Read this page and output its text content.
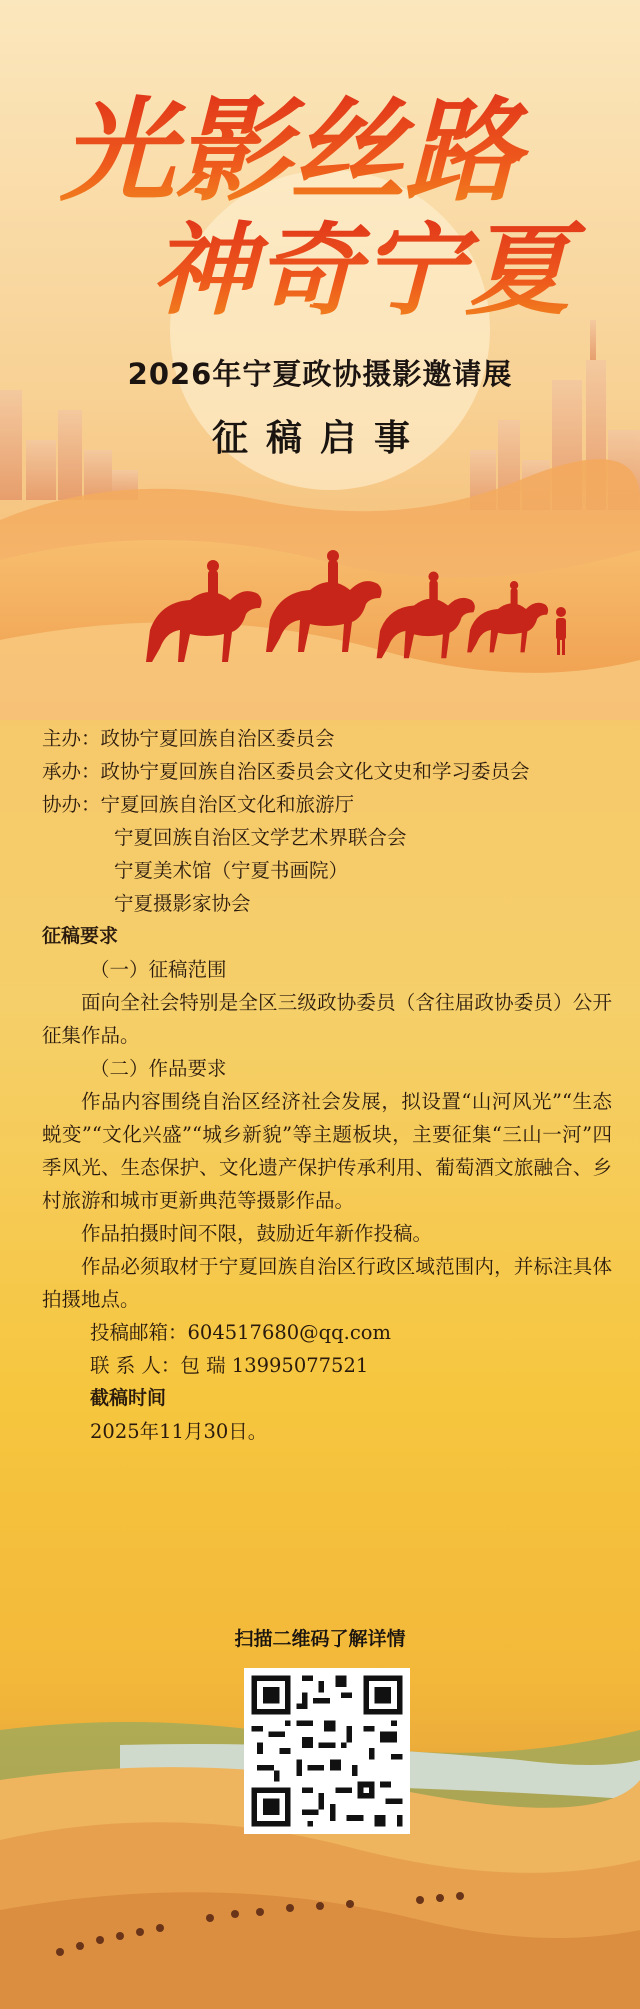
光影丝路
神奇宁夏
2026年宁夏政协摄影邀请展
征稿启事
主办：政协宁夏回族自治区委员会
承办：政协宁夏回族自治区委员会文化文史和学习委员会
协办：宁夏回族自治区文化和旅游厅
宁夏回族自治区文学艺术界联合会
宁夏美术馆（宁夏书画院）
宁夏摄影家协会
征稿要求
（一）征稿范围
面向全社会特别是全区三级政协委员（含往届政协委员）公开征集作品。
（二）作品要求
作品内容围绕自治区经济社会发展，拟设置“山河风光”“生态蜕变”“文化兴盛”“城乡新貌”等主题板块，主要征集“三山一河”四季风光、生态保护、文化遗产保护传承利用、葡萄酒文旅融合、乡村旅游和城市更新典范等摄影作品。
作品拍摄时间不限，鼓励近年新作投稿。
作品必须取材于宁夏回族自治区行政区域范围内，并标注具体拍摄地点。
投稿邮箱：604517680@qq.com
联 系 人：包 瑞 13995077521
截稿时间
2025年11月30日。
扫描二维码了解详情
